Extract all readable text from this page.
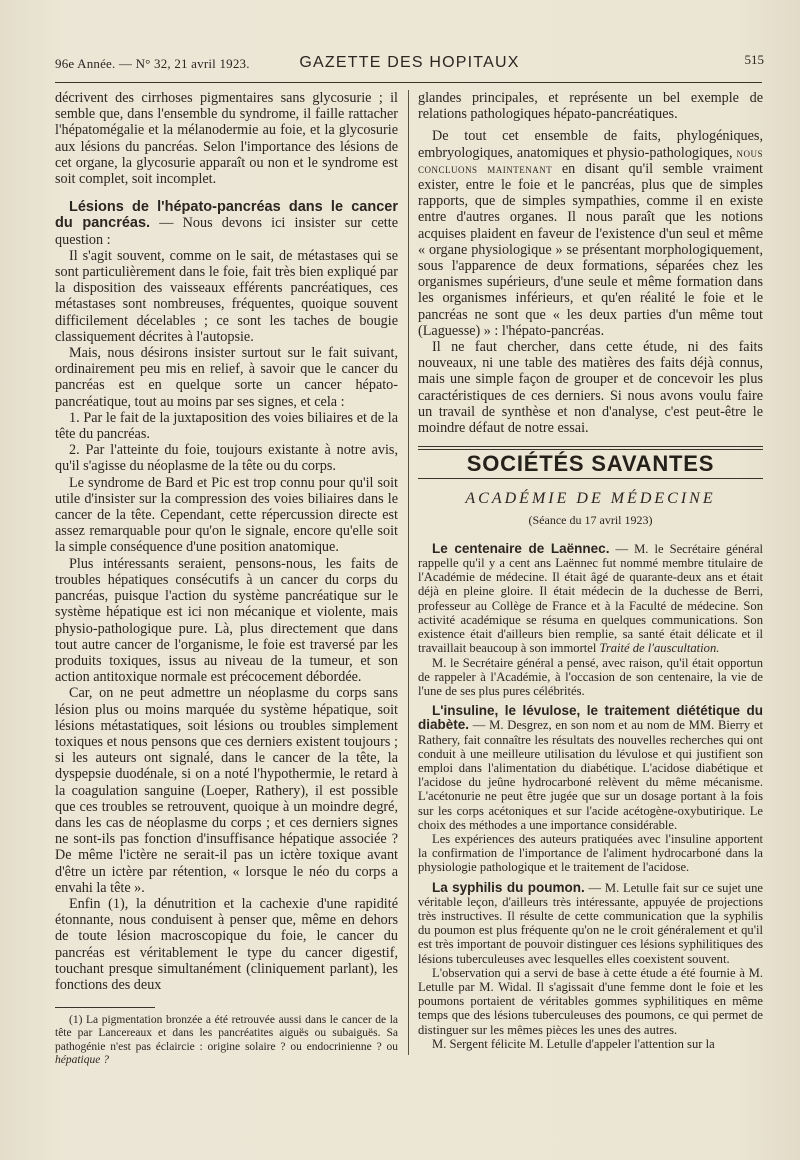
96e Année. — N° 32, 21 avril 1923.	GAZETTE DES HOPITAUX	515

décrivent des cirrhoses pigmentaires sans glycosurie ; il semble que, dans l'ensemble du syndrome, il faille rattacher l'hépatomégalie et la mélanodermie au foie, et la glycosurie aux lésions du pancréas. Selon l'importance des lésions de cet organe, la glycosurie apparaît ou non et le syndrome est soit complet, soit incomplet.

Lésions de l'hépato-pancréas dans le cancer du pancréas. — Nous devons ici insister sur cette question :

Il s'agit souvent, comme on le sait, de métastases qui se sont particulièrement dans le foie, fait très bien expliqué par la disposition des vaisseaux efférents pancréatiques, ces métastases sont nombreuses, fréquentes, quoique souvent difficilement décelables ; ce sont les taches de bougie classiquement décrites à l'autopsie.

Mais, nous désirons insister surtout sur le fait suivant, ordinairement peu mis en relief, à savoir que le cancer du pancréas est en quelque sorte un cancer hépato-pancréatique, tout au moins par ses signes, et cela :

1. Par le fait de la juxtaposition des voies biliaires et de la tête du pancréas.

2. Par l'atteinte du foie, toujours existante à notre avis, qu'il s'agisse du néoplasme de la tête ou du corps.

Le syndrome de Bard et Pic est trop connu pour qu'il soit utile d'insister sur la compression des voies biliaires dans le cancer de la tête. Cependant, cette répercussion directe est assez remarquable pour qu'on le signale, encore qu'elle soit la simple conséquence d'une position anatomique.

Plus intéressants seraient, pensons-nous, les faits de troubles hépatiques consécutifs à un cancer du corps du pancréas, puisque l'action du système pancréatique sur le système hépatique est ici non mécanique et violente, mais physio-pathologique pure. Là, plus directement que dans tout autre cancer de l'organisme, le foie est traversé par les produits toxiques, issus au niveau de la tumeur, et son action antitoxique normale est précocement débordée.

Car, on ne peut admettre un néoplasme du corps sans lésion plus ou moins marquée du système hépatique, soit lésions métastatiques, soit lésions ou troubles simplement toxiques et nous pensons que ces derniers existent toujours ; si les auteurs ont signalé, dans le cancer de la tête, la dyspepsie duodénale, si on a noté l'hypothermie, le retard à la coagulation sanguine (Loeper, Rathery), il est possible que ces troubles se retrouvent, quoique à un moindre degré, dans les cas de néoplasme du corps ; et ces derniers signes ne sont-ils pas fonction d'insuffisance hépatique associée ? De même l'ictère ne serait-il pas un ictère toxique avant d'être un ictère par rétention, « lorsque le néo du corps a envahi la tête ».

Enfin (1), la dénutrition et la cachexie d'une rapidité étonnante, nous conduisent à penser que, même en dehors de toute lésion macroscopique du foie, le cancer du pancréas est véritablement le type du cancer digestif, touchant presque simultanément (cliniquement parlant), les fonctions des deux

(1) La pigmentation bronzée a été retrouvée aussi dans le cancer de la tête par Lancereaux et dans les pancréatites aiguës ou subaiguës. Sa pathogénie n'est pas éclaircie : origine solaire ? ou endocrinienne ? ou hépatique ?

glandes principales, et représente un bel exemple de relations pathologiques hépato-pancréatiques.

De tout cet ensemble de faits, phylogéniques, embryologiques, anatomiques et physio-pathologiques, nous concluons maintenant en disant qu'il semble vraiment exister, entre le foie et le pancréas, plus que de simples rapports, que de simples sympathies, comme il en existe entre d'autres organes. Il nous paraît que les notions acquises plaident en faveur de l'existence d'un seul et même « organe physiologique » se présentant morphologiquement, sous l'apparence de deux formations, séparées chez les organismes supérieurs, d'une seule et même formation dans les organismes inférieurs, et qu'en réalité le foie et le pancréas ne sont que « les deux parties d'un même tout (Laguesse) » : l'hépato-pancréas.

Il ne faut chercher, dans cette étude, ni des faits nouveaux, ni une table des matières des faits déjà connus, mais une simple façon de grouper et de concevoir les plus caractéristiques de ces derniers. Si nous avons voulu faire un travail de synthèse et non d'analyse, c'est peut-être le moindre défaut de notre essai.

SOCIÉTÉS SAVANTES
ACADÉMIE DE MÉDECINE
(Séance du 17 avril 1923)

Le centenaire de Laënnec. — M. le Secrétaire général rappelle qu'il y a cent ans Laënnec fut nommé membre titulaire de l'Académie de médecine. Il était âgé de quarante-deux ans et était déjà en pleine gloire. Il était médecin de la duchesse de Berri, professeur au Collège de France et à la Faculté de médecine. Son activité académique se résuma en quelques communications. Son existence était d'ailleurs bien remplie, sa santé était délicate et il travaillait beaucoup à son immortel Traité de l'auscultation.

M. le Secrétaire général a pensé, avec raison, qu'il était opportun de rappeler à l'Académie, à l'occasion de son centenaire, la vie de l'une de ses plus pures célébrités.

L'insuline, le lévulose, le traitement diététique du diabète. — M. Desgrez, en son nom et au nom de MM. Bierry et Rathery, fait connaître les résultats des nouvelles recherches qui ont conduit à une meilleure utilisation du lévulose et qui justifient son emploi dans l'alimentation du diabétique. L'acidose diabétique et l'acidose du jeûne hydrocarboné relèvent du même mécanisme. L'acétonurie ne peut être jugée que sur un dosage portant à la fois sur les corps acétoniques et sur l'acide acétogène-oxybutirique. Le choix des méthodes a une importance considérable.

Les expériences des auteurs pratiquées avec l'insuline apportent la confirmation de l'importance de l'aliment hydrocarboné dans la physiologie pathologique et le traitement de l'acidose.

La syphilis du poumon. — M. Letulle fait sur ce sujet une véritable leçon, d'ailleurs très intéressante, appuyée de projections très instructives. Il résulte de cette communication que la syphilis du poumon est plus fréquente qu'on ne le croit généralement et qu'il est très important de pouvoir distinguer ces lésions syphilitiques des lésions tuberculeuses avec lesquelles elles coexistent souvent.

L'observation qui a servi de base à cette étude a été fournie à M. Letulle par M. Widal. Il s'agissait d'une femme dont le foie et les poumons portaient de véritables gommes syphilitiques en même temps que des lésions tuberculeuses des poumons, ce qui permet de distinguer sur les mêmes pièces les unes des autres.

M. Sergent félicite M. Letulle d'appeler l'attention sur la
